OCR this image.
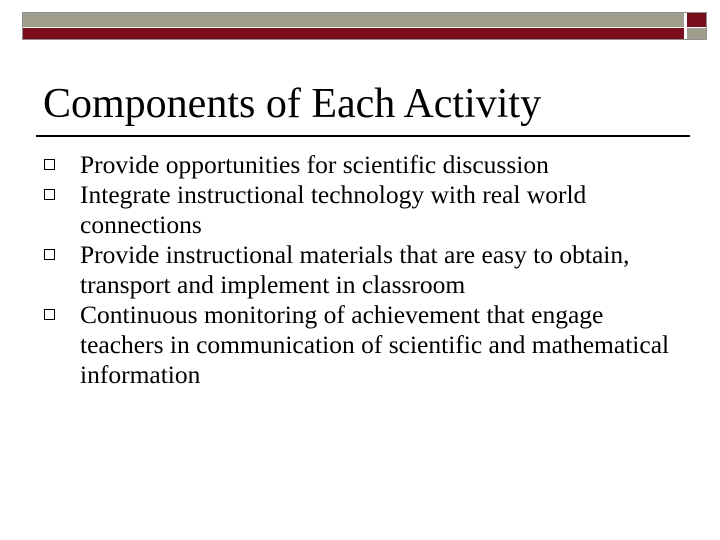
Components of Each Activity
Provide opportunities for scientific discussion
Integrate instructional technology with real world connections
Provide instructional materials that are easy to obtain, transport and implement in classroom
Continuous monitoring of achievement that engage teachers in communication of scientific and mathematical information
